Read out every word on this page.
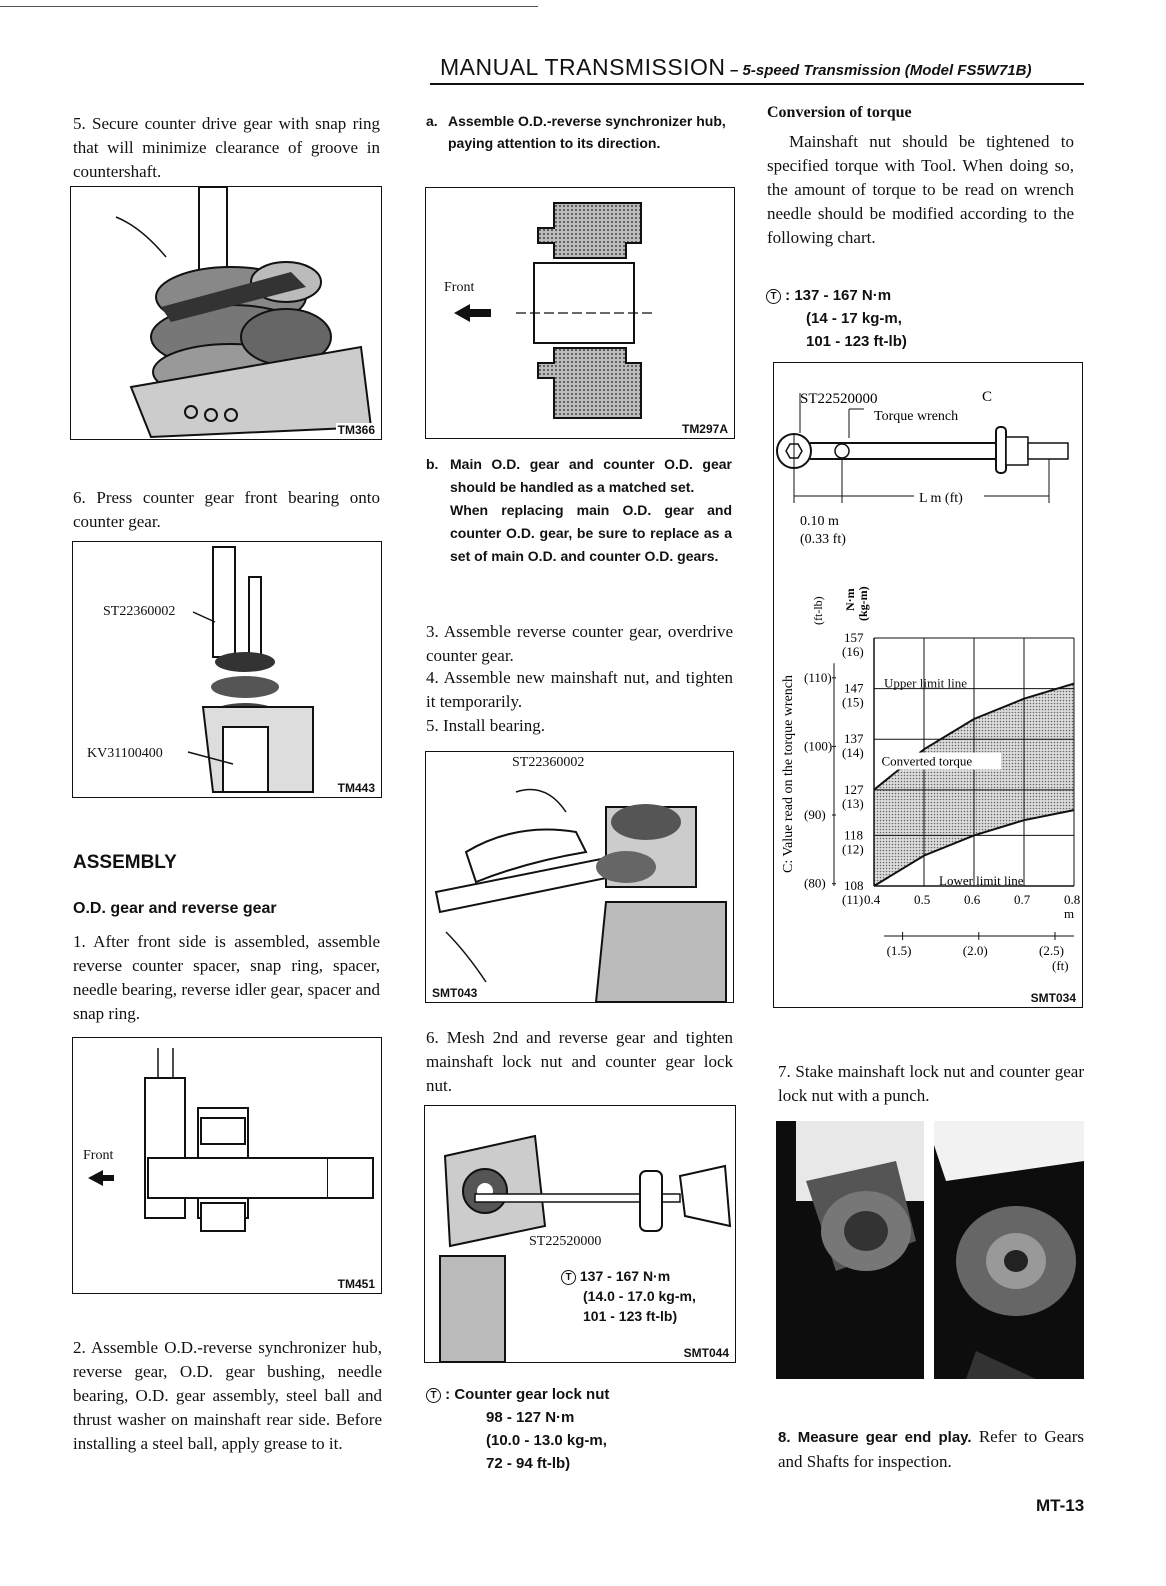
MANUAL TRANSMISSION – 5-speed Transmission (Model FS5W71B)
5. Secure counter drive gear with snap ring that will minimize clearance of groove in countershaft.
TM366
6. Press counter gear front bearing onto counter gear.
ST22360002
KV31100400
TM443
ASSEMBLY
O.D. gear and reverse gear
1. After front side is assembled, assemble reverse counter spacer, snap ring, spacer, needle bearing, reverse idler gear, spacer and snap ring.
Front
TM451
2. Assemble O.D.-reverse synchronizer hub, reverse gear, O.D. gear bushing, needle bearing, O.D. gear assembly, steel ball and thrust washer on mainshaft rear side. Before installing a steel ball, apply grease to it.
a. Assemble O.D.-reverse synchronizer hub, paying attention to its direction.
Front
TM297A
b. Main O.D. gear and counter O.D. gear should be handled as a matched set.
When replacing main O.D. gear and counter O.D. gear, be sure to replace as a set of main O.D. and counter O.D. gears.
3. Assemble reverse counter gear, overdrive counter gear.
4. Assemble new mainshaft nut, and tighten it temporarily.
5. Install bearing.
ST22360002
SMT043
6. Mesh 2nd and reverse gear and tighten mainshaft lock nut and counter gear lock nut.
ST22520000
T 137 - 167 N·m
(14.0 - 17.0 kg-m,
101 - 123 ft-lb)
SMT044
T : Counter gear lock nut
98 - 127 N·m
(10.0 - 13.0 kg-m,
72 - 94 ft-lb)
Conversion of torque
Mainshaft nut should be tightened to specified torque with Tool. When doing so, the amount of torque to be read on wrench needle should be modified according to the following chart.
T : 137 - 167 N·m
(14 - 17 kg-m,
101 - 123 ft-lb)
ST22520000	C
Torque wrench
L m (ft)
0.10 m
(0.33 ft)
(ft-lb) N·m (kg-m)
C: Value read on the torque wrench
108
(11)
118
(12)
127
(13)
137
(14)
147
(15)
157
(16)
(80)
(90)
(100)
(110)
0.4	0.5	0.6	0.7	0.8
(1.5)	(2.0)	(2.5)
Upper limit line
Converted torque
Lower limit line
m
(ft)
SMT034
7. Stake mainshaft lock nut and counter gear lock nut with a punch.
8. Measure gear end play. Refer to Gears and Shafts for inspection.
MT-13
